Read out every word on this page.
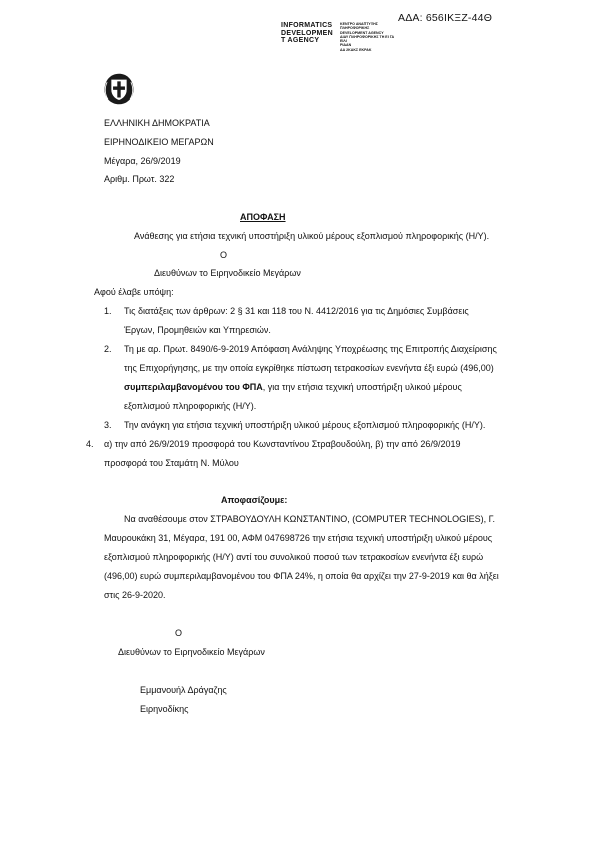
ΑΔΑ: 656ΙΚΞΖ-44Θ
INFORMATICS
DEVELOPMEN
T AGENCY
ΚΕΝΤΡΟ ΑΝΑΠΤΥΞΗΣ
ΠΛΗΡΟΦΟΡΙΚΗΣ
DEVELOPMENT AGENCY
ΔΙΑΥ ΠΛΗΡΟΦΟΡΙΚΗΣ ΤΗ ΕΙ ΓΑ
ΕΙΛΙ
ΡΙΔΑΝ
ΔΑ 2ΚΑΚΣ ΕΚΡΑΚ
ΕΛΛΗΝΙΚΗ ΔΗΜΟΚΡΑΤΙΑ
ΕΙΡΗΝΟΔΙΚΕΙΟ ΜΕΓΑΡΩΝ
Μέγαρα, 26/9/2019
Αριθμ. Πρωτ. 322
ΑΠΟΦΑΣΗ
Ανάθεσης για ετήσια τεχνική υποστήριξη υλικού μέρους εξοπλισμού πληροφορικής (Η/Υ).
Ο
Διευθύνων το Ειρηνοδικείο Μεγάρων
Αφού έλαβε υπόψη:
1. Τις διατάξεις των άρθρων: 2 § 31 και 118 του Ν. 4412/2016 για τις Δημόσιες Συμβάσεις
Έργων, Προμηθειών και Υπηρεσιών.
2. Τη με αρ. Πρωτ. 8490/6-9-2019 Απόφαση Ανάληψης Υποχρέωσης της Επιτροπής Διαχείρισης
της Επιχορήγησης, με την οποία εγκρίθηκε πίστωση τετρακοσίων ενενήντα έξι ευρώ (496,00)
συμπεριλαμβανομένου του ΦΠΑ, για την ετήσια τεχνική υποστήριξη υλικού μέρους
εξοπλισμού πληροφορικής (Η/Υ).
3. Την ανάγκη για ετήσια τεχνική υποστήριξη υλικού μέρους εξοπλισμού πληροφορικής (Η/Υ).
4. α) την από 26/9/2019 προσφορά του Κωνσταντίνου Στραβουδούλη, β) την από 26/9/2019
προσφορά του Σταμάτη Ν. Μύλου
Αποφασίζουμε:
Να αναθέσουμε στον ΣΤΡΑΒΟΥΔΟΥΛΗ ΚΩΝΣΤΑΝΤΙΝΟ, (COMPUTER TECHNOLOGIES), Γ.
Μαυρουκάκη 31, Μέγαρα, 191 00, ΑΦΜ 047698726 την ετήσια τεχνική υποστήριξη υλικού μέρους
εξοπλισμού πληροφορικής (Η/Υ) αντί του συνολικού ποσού των τετρακοσίων ενενήντα έξι ευρώ
(496,00) ευρώ συμπεριλαμβανομένου του ΦΠΑ 24%, η οποία θα αρχίζει την 27-9-2019 και θα λήξει
στις 26-9-2020.
Ο
Διευθύνων το Ειρηνοδικείο Μεγάρων
Εμμανουήλ Δράγαζης
Ειρηνοδίκης
